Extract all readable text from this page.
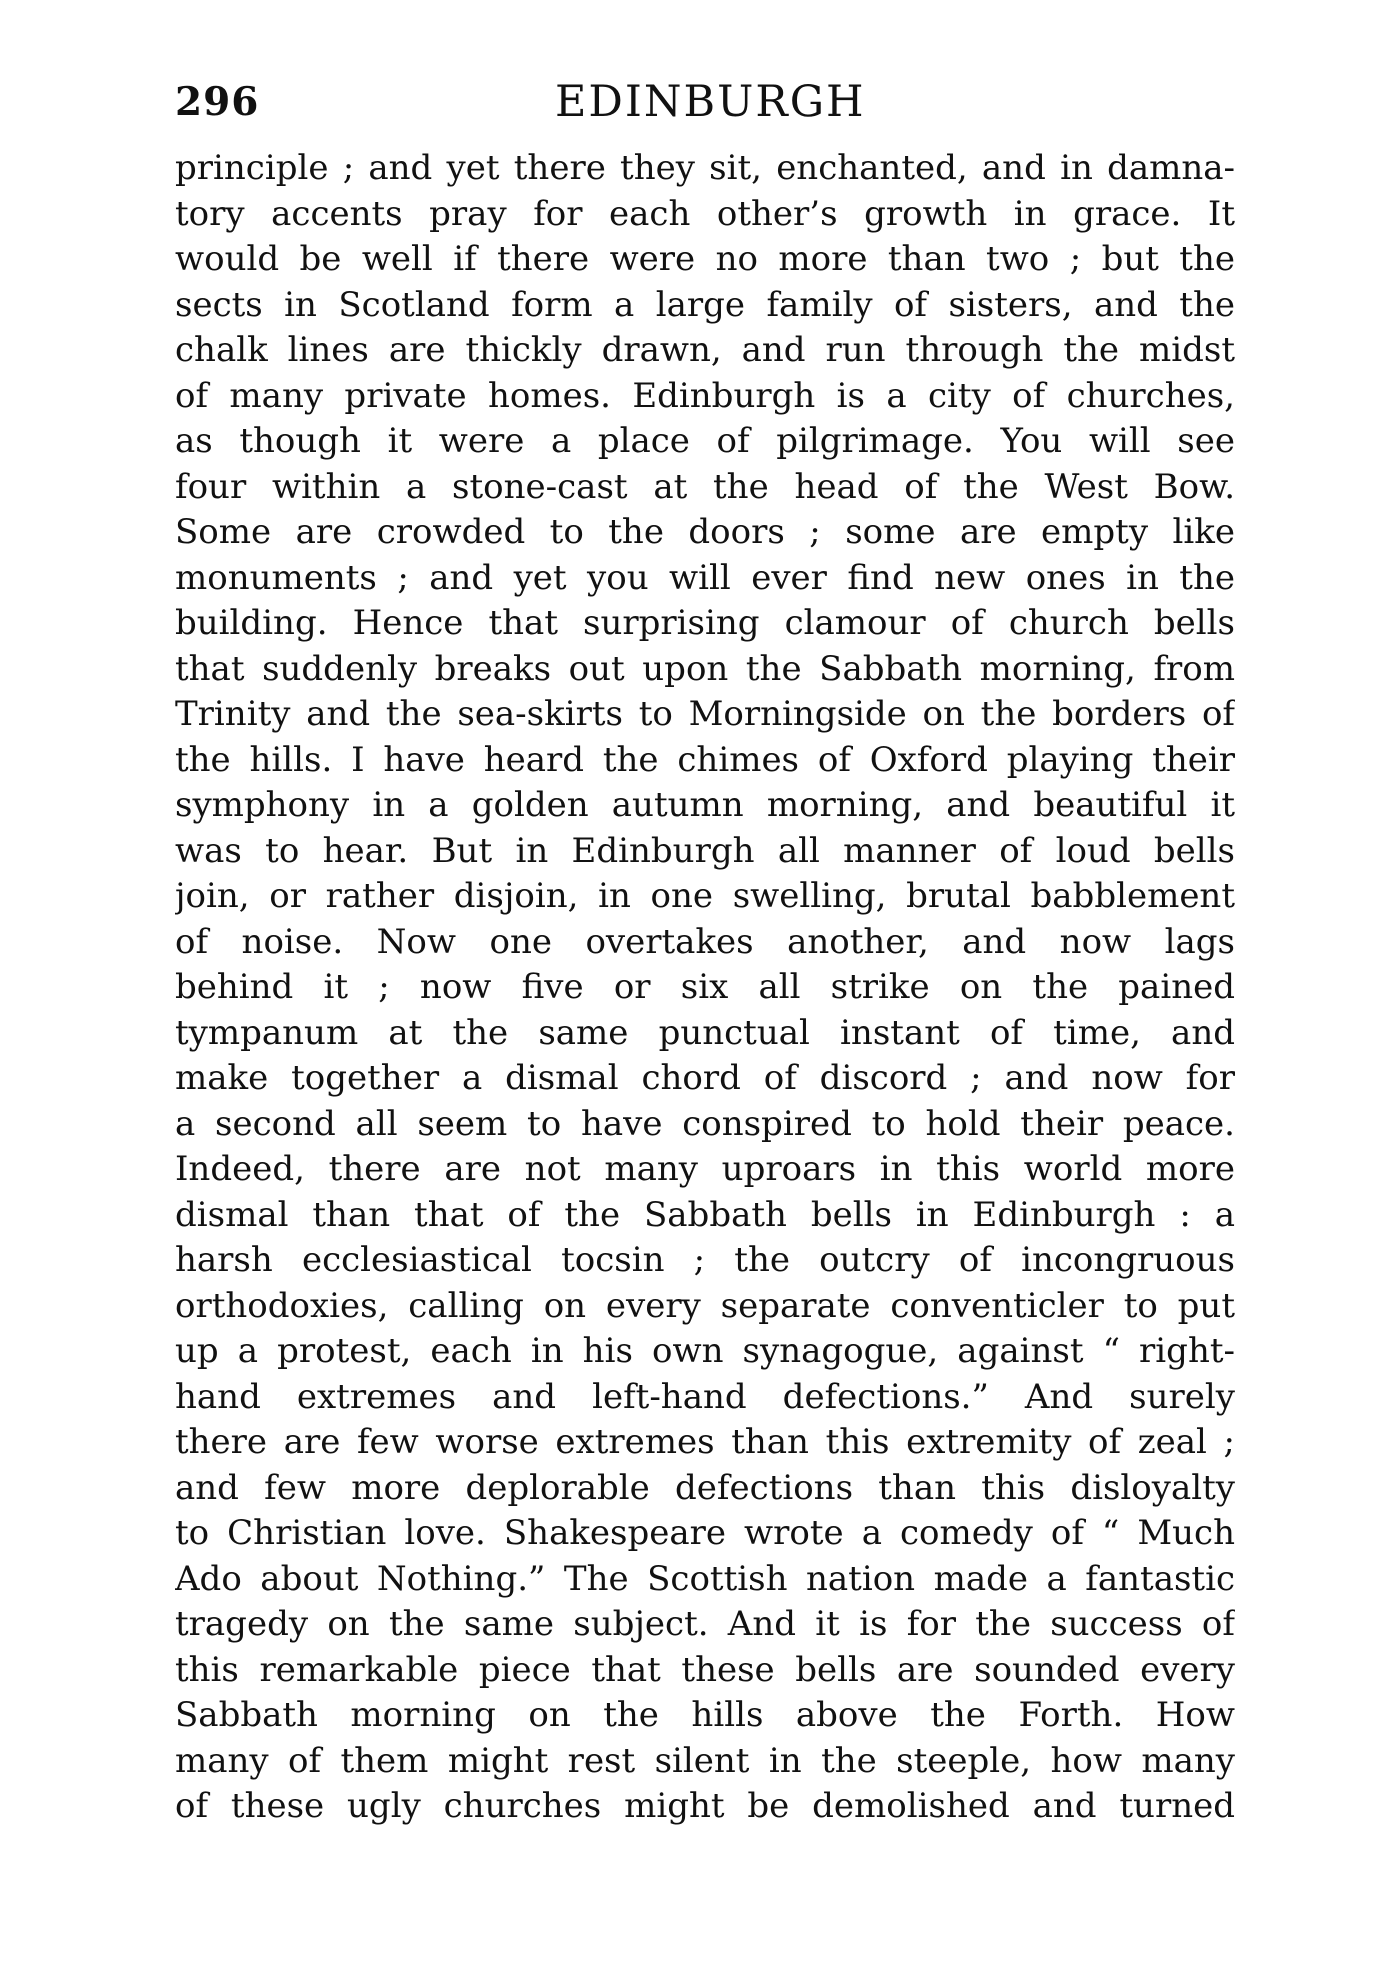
296	EDINBURGH
principle ; and yet there they sit, enchanted, and in damna-
tory accents pray for each other’s growth in grace. It
would be well if there were no more than two ; but the
sects in Scotland form a large family of sisters, and the
chalk lines are thickly drawn, and run through the midst
of many private homes. Edinburgh is a city of churches,
as though it were a place of pilgrimage. You will see
four within a stone-cast at the head of the West Bow.
Some are crowded to the doors ; some are empty like
monuments ; and yet you will ever find new ones in the
building. Hence that surprising clamour of church bells
that suddenly breaks out upon the Sabbath morning, from
Trinity and the sea-skirts to Morningside on the borders of
the hills. I have heard the chimes of Oxford playing their
symphony in a golden autumn morning, and beautiful it
was to hear. But in Edinburgh all manner of loud bells
join, or rather disjoin, in one swelling, brutal babblement
of noise. Now one overtakes another, and now lags
behind it ; now five or six all strike on the pained
tympanum at the same punctual instant of time, and
make together a dismal chord of discord ; and now for
a second all seem to have conspired to hold their peace.
Indeed, there are not many uproars in this world more
dismal than that of the Sabbath bells in Edinburgh : a
harsh ecclesiastical tocsin ; the outcry of incongruous
orthodoxies, calling on every separate conventicler to put
up a protest, each in his own synagogue, against “ right-
hand extremes and left-hand defections.” And surely
there are few worse extremes than this extremity of zeal ;
and few more deplorable defections than this disloyalty
to Christian love. Shakespeare wrote a comedy of “ Much
Ado about Nothing.” The Scottish nation made a fantastic
tragedy on the same subject. And it is for the success of
this remarkable piece that these bells are sounded every
Sabbath morning on the hills above the Forth. How
many of them might rest silent in the steeple, how many
of these ugly churches might be demolished and turned
